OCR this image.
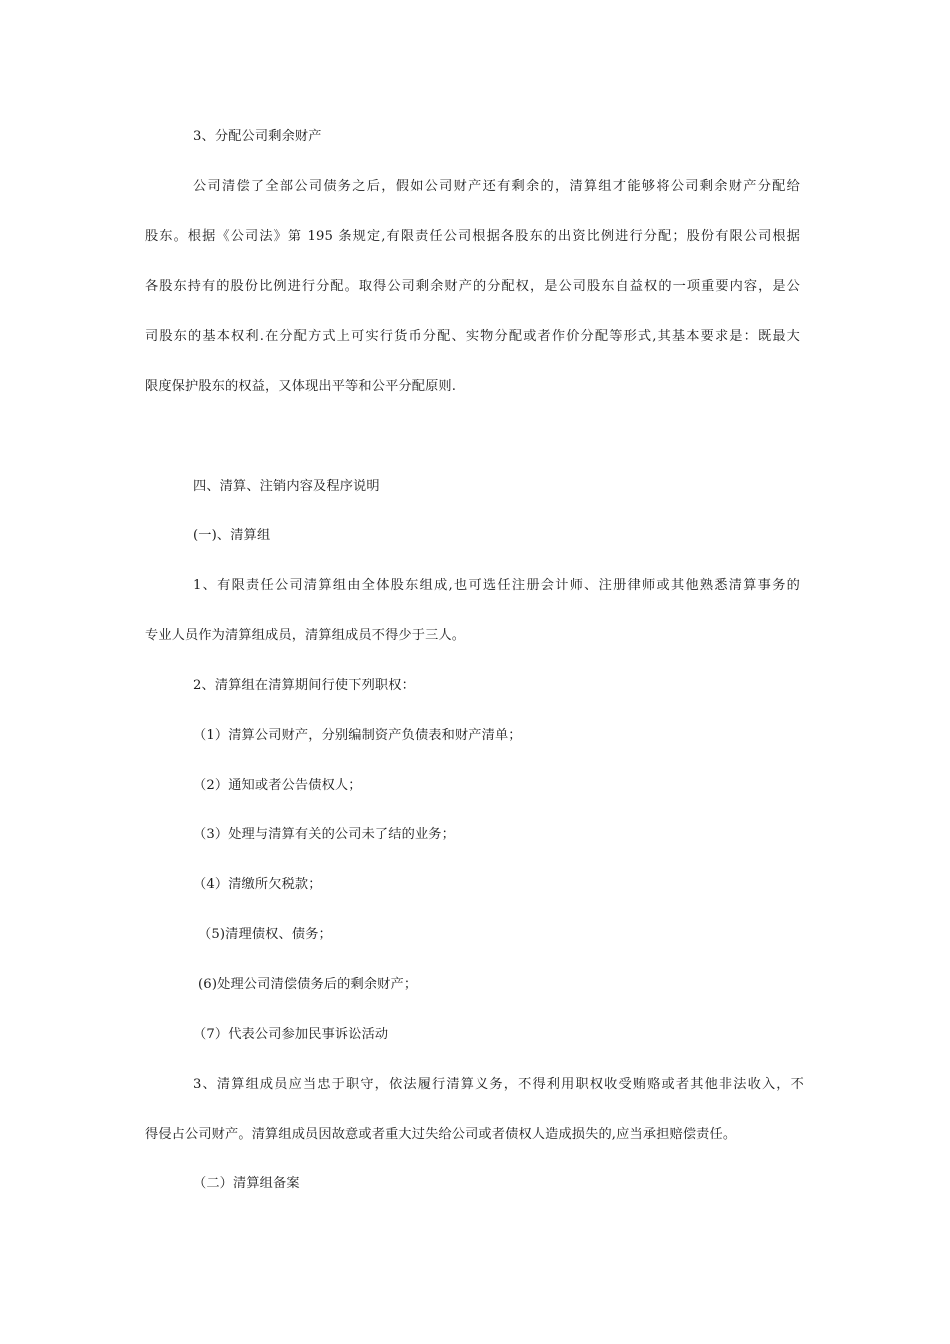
3、分配公司剩余财产
公司清偿了全部公司债务之后，假如公司财产还有剩余的，清算组才能够将公司剩余财产分配给
股东。根据《公司法》第 195 条规定,有限责任公司根据各股东的出资比例进行分配；股份有限公司根据
各股东持有的股份比例进行分配。取得公司剩余财产的分配权，是公司股东自益权的一项重要内容，是公
司股东的基本权利.在分配方式上可实行货币分配、实物分配或者作价分配等形式,其基本要求是：既最大
限度保护股东的权益，又体现出平等和公平分配原则.
四、清算、注销内容及程序说明
(一)、清算组
1、有限责任公司清算组由全体股东组成,也可选任注册会计师、注册律师或其他熟悉清算事务的
专业人员作为清算组成员，清算组成员不得少于三人。
2、清算组在清算期间行使下列职权：
（1）清算公司财产，分别编制资产负债表和财产清单；
（2）通知或者公告债权人；
（3）处理与清算有关的公司未了结的业务；
（4）清缴所欠税款；
（5)清理债权、债务；
(6)处理公司清偿债务后的剩余财产；
（7）代表公司参加民事诉讼活动
3、清算组成员应当忠于职守，依法履行清算义务，不得利用职权收受贿赂或者其他非法收入，不
得侵占公司财产。清算组成员因故意或者重大过失给公司或者债权人造成损失的,应当承担赔偿责任。
（二）清算组备案
